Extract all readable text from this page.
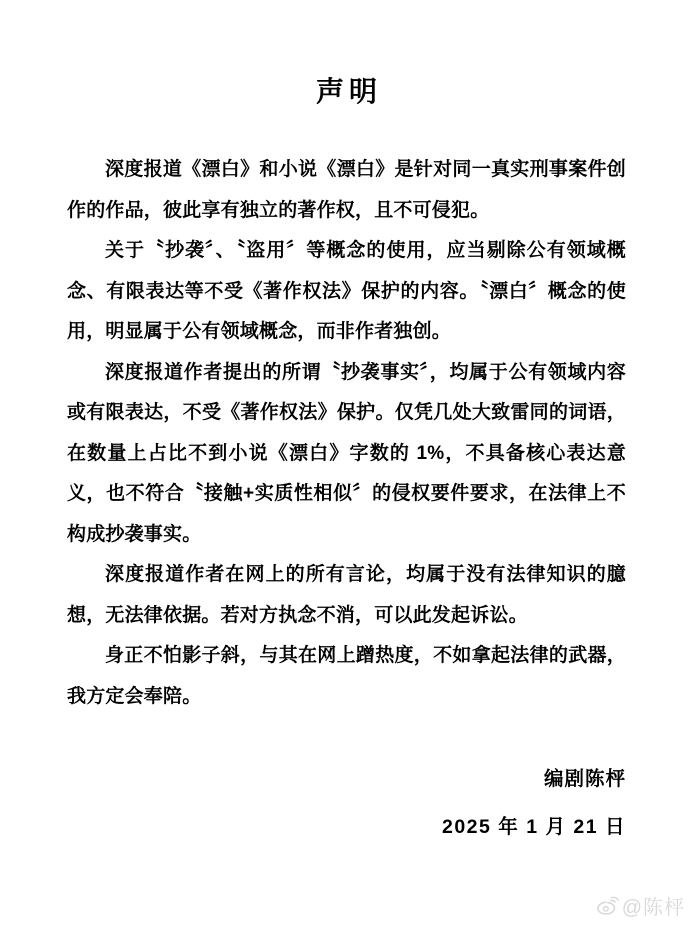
声明

深度报道《漂白》和小说《漂白》是针对同一真实刑事案件创作的作品，彼此享有独立的著作权，且不可侵犯。

关于〝抄袭〞、〝盗用〞等概念的使用，应当剔除公有领域概念、有限表达等不受《著作权法》保护的内容。〝漂白〞概念的使用，明显属于公有领域概念，而非作者独创。

深度报道作者提出的所谓〝抄袭事实〞，均属于公有领域内容或有限表达，不受《著作权法》保护。仅凭几处大致雷同的词语，在数量上占比不到小说《漂白》字数的 1%，不具备核心表达意义，也不符合〝接触+实质性相似〞的侵权要件要求，在法律上不构成抄袭事实。

深度报道作者在网上的所有言论，均属于没有法律知识的臆想，无法律依据。若对方执念不消，可以此发起诉讼。

身正不怕影子斜，与其在网上蹭热度，不如拿起法律的武器，我方定会奉陪。

编剧陈枰
2025 年 1 月 21 日
@陈枰
